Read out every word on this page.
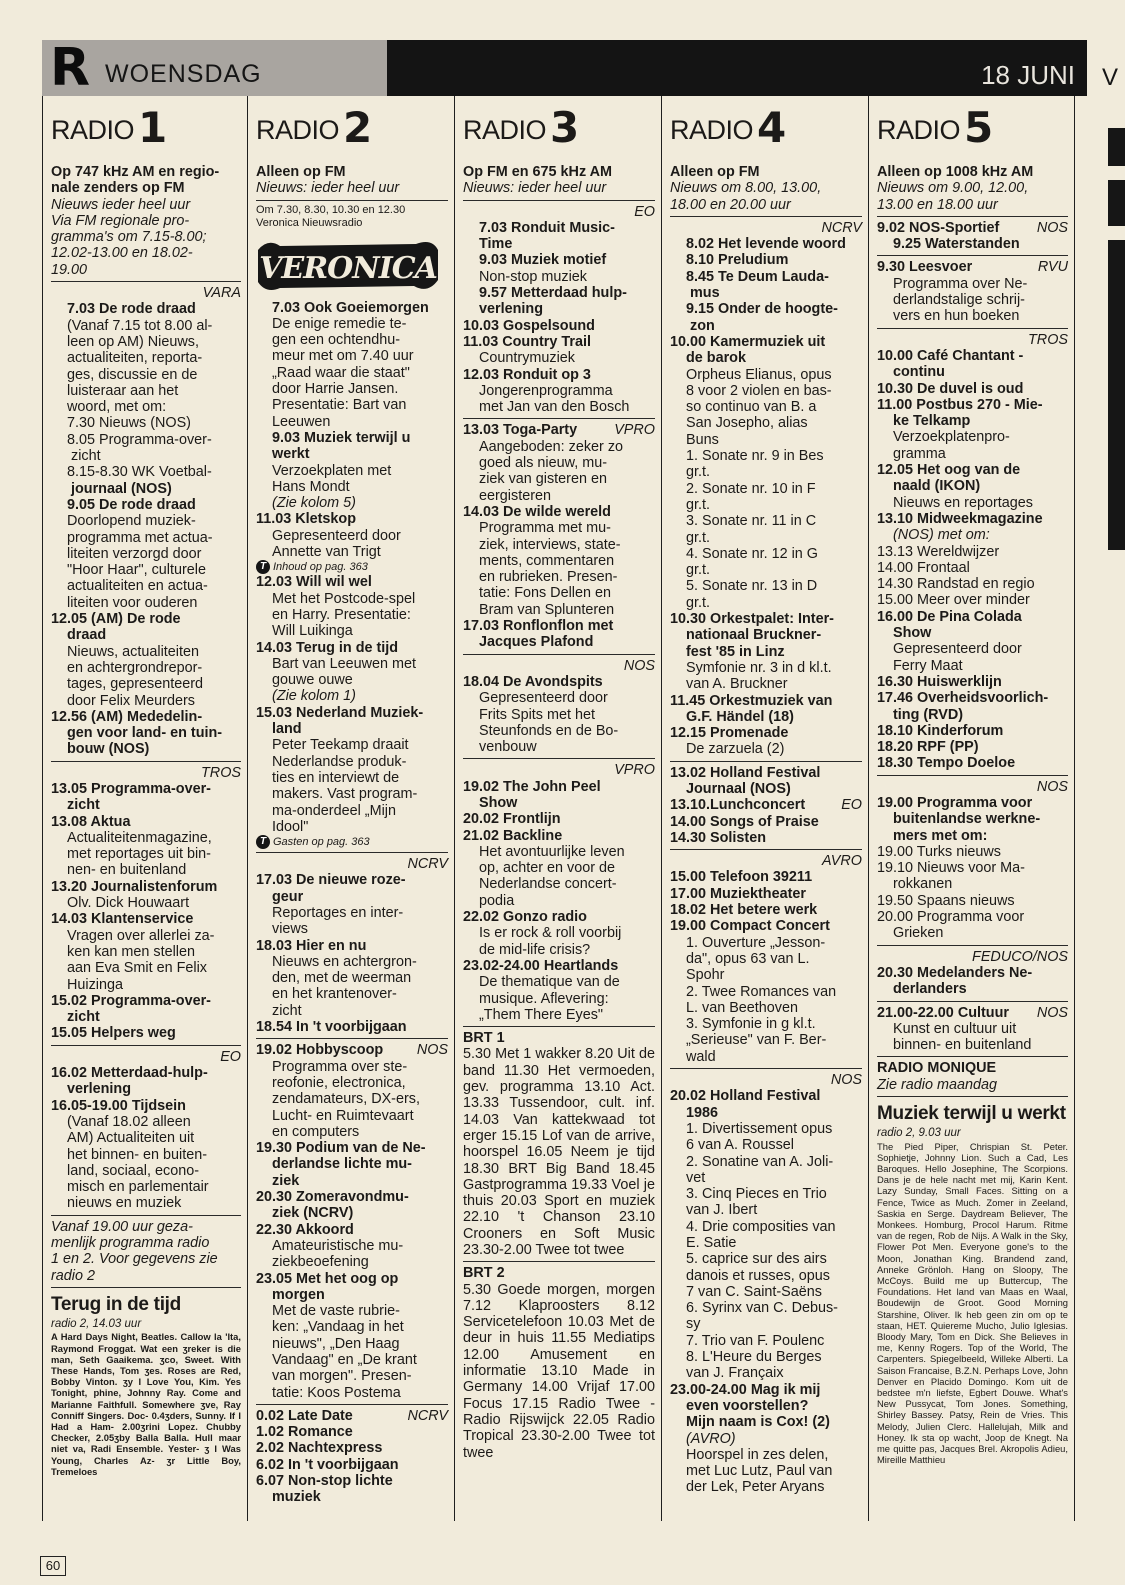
R WOENSDAG	18 JUNI
RADIO1

Op 747 kHz AM en regio-

nale zenders op FM

Nieuws ieder heel uur

Via FM regionale pro-

gramma's om 7.15-8.00;

12.02-13.00 en 18.02-

19.00

VARA

7.03 De rode draad

(Vanaf 7.15 tot 8.00 al-

leen op AM) Nieuws,

actualiteiten, reporta-

ges, discussie en de

luisteraar aan het

woord, met om:

7.30 Nieuws (NOS)

8.05 Programma-over-

zicht

8.15-8.30 WK Voetbal-

journaal (NOS)

9.05 De rode draad

Doorlopend muziek-

programma met actua-

liteiten verzorgd door

"Hoor Haar", culturele

actualiteiten en actua-

liteiten voor ouderen

12.05 (AM) De rode

draad

Nieuws, actualiteiten

en achtergrondrepor-

tages, gepresenteerd

door Felix Meurders

12.56 (AM) Mededelin-

gen voor land- en tuin-

bouw (NOS)

TROS

13.05 Programma-over-

zicht

13.08 Aktua

Actualiteitenmagazine,

met reportages uit bin-

nen- en buitenland

13.20 Journalistenforum

Olv. Dick Houwaart

14.03 Klantenservice

Vragen over allerlei za-

ken kan men stellen

aan Eva Smit en Felix

Huizinga

15.02 Programma-over-

zicht

15.05 Helpers weg

EO

16.02 Metterdaad-hulp-

verlening

16.05-19.00 Tijdsein

(Vanaf 18.02 alleen

AM) Actualiteiten uit

het binnen- en buiten-

land, sociaal, econo-

misch en parlementair

nieuws en muziek

Vanaf 19.00 uur geza-

menlijk programma radio

1 en 2. Voor gegevens zie

radio 2

Terug in de tijd
radio 2, 14.03 uur
A Hard Days Night, Beatles. Callow la 'Ita, Raymond Froggat. Wat een ʒreker is die man, Seth Gaaikema. ʒco, Sweet. With These Hands, Tom ʒes. Roses are Red, Bobby Vinton. ʒy I Love You, Kim. Yes Tonight, phine, Johnny Ray. Come and Marianne Faithfull. Somewhere ʒve, Ray Conniff Singers. Doc- 0.4ʒders, Sunny. If I Had a Ham- 2.00ʒrini Lopez. Chubby Checker, 2.05ʒby Balla Balla. Hull maar niet va, Radi Ensemble. Yester- ʒ I Was Young, Charles Az- ʒr Little Boy, Tremeloes
RADIO2

Alleen op FM

Nieuws: ieder heel uur

Om 7.30, 8.30, 10.30 en 12.30

Veronica Nieuwsradio

VERONICA

7.03 Ook Goeiemorgen

De enige remedie te-

gen een ochtendhu-

meur met om 7.40 uur

„Raad waar die staat"

door Harrie Jansen.

Presentatie: Bart van

Leeuwen

9.03 Muziek terwijl u

werkt

Verzoekplaten met

Hans Mondt

(Zie kolom 5)

11.03 Kletskop

Gepresenteerd door

Annette van Trigt

T Inhoud op pag. 363

12.03 Will wil wel

Met het Postcode-spel

en Harry. Presentatie:

Will Luikinga

14.03 Terug in de tijd

Bart van Leeuwen met

gouwe ouwe

(Zie kolom 1)

15.03 Nederland Muziek-

land

Peter Teekamp draait

Nederlandse produk-

ties en interviewt de

makers. Vast program-

ma-onderdeel „Mijn

Idool"

T Gasten op pag. 363

NCRV

17.03 De nieuwe roze-

geur

Reportages en inter-

views

18.03 Hier en nu

Nieuws en achtergron-

den, met de weerman

en het krantenover-

zicht

18.54 In 't voorbijgaan

19.02 Hobbyscoop NOS

Programma over ste-

reofonie, electronica,

zendamateurs, DX-ers,

Lucht- en Ruimtevaart

en computers

19.30 Podium van de Ne-

derlandse lichte mu-

ziek

20.30 Zomeravondmu-

ziek (NCRV)

22.30 Akkoord

Amateuristische mu-

ziekbeoefening

23.05 Met het oog op

morgen

Met de vaste rubrie-

ken: „Vandaag in het

nieuws", „Den Haag

Vandaag" en „De krant

van morgen". Presen-

tatie: Koos Postema

0.02 Late Date	NCRV

1.02 Romance

2.02 Nachtexpress

6.02 In 't voorbijgaan

6.07 Non-stop lichte

muziek

RADIO3

Op FM en 675 kHz AM

Nieuws: ieder heel uur

EO

7.03 Ronduit Music-

Time

9.03 Muziek motief

Non-stop muziek

9.57 Metterdaad hulp-

verlening

10.03 Gospelsound

11.03 Country Trail

Countrymuziek

12.03 Ronduit op 3

Jongerenprogramma

met Jan van den Bosch

13.03 Toga-Party	VPRO

Aangeboden: zeker zo

goed als nieuw, mu-

ziek van gisteren en

eergisteren

14.03 De wilde wereld

Programma met mu-

ziek, interviews, state-

ments, commentaren

en rubrieken. Presen-

tatie: Fons Dellen en

Bram van Splunteren

17.03 Ronflonflon met

Jacques Plafond

NOS

18.04 De Avondspits

Gepresenteerd door

Frits Spits met het

Steunfonds en de Bo-

venbouw

VPRO

19.02 The John Peel

Show

20.02 Frontlijn

21.02 Backline

Het avontuurlijke leven

op, achter en voor de

Nederlandse concert-

podia

22.02 Gonzo radio

Is er rock & roll voorbij

de mid-life crisis?

23.02-24.00 Heartlands

De thematique van de

musique. Aflevering:

„Them There Eyes"

BRT 1
5.30 Met 1 wakker 8.20 Uit de band 11.30 Het vermoeden, gev. programma 13.10 Act. 13.33 Tussendoor, cult. inf. 14.03 Van kattekwaad tot erger 15.15 Lof van de arrive, hoorspel 16.05 Neem je tijd 18.30 BRT Big Band 18.45 Gastprogramma 19.33 Voel je thuis 20.03 Sport en muziek 22.10 't Chanson 23.10 Crooners en Soft Music 23.30-2.00 Twee tot twee
BRT 2
5.30 Goede morgen, morgen 7.12 Klaproosters 8.12 Servicetelefoon 10.03 Met de deur in huis 11.55 Mediatips 12.00 Amusement en informatie 13.10 Made in Germany 14.00 Vrijaf 17.00 Focus 17.15 Radio Twee - Radio Rijswijck 22.05 Radio Tropical 23.30-2.00 Twee tot twee
RADIO4

Alleen op FM

Nieuws om 8.00, 13.00,

18.00 en 20.00 uur

NCRV

8.02 Het levende woord

8.10 Preludium

8.45 Te Deum Lauda-

mus

9.15 Onder de hoogte-

zon

10.00 Kamermuziek uit

de barok

Orpheus Elianus, opus

8 voor 2 violen en bas-

so continuo van B. a

San Josepho, alias

Buns

1. Sonate nr. 9 in Bes

gr.t.

2. Sonate nr. 10 in F

gr.t.

3. Sonate nr. 11 in C

gr.t.

4. Sonate nr. 12 in G

gr.t.

5. Sonate nr. 13 in D

gr.t.

10.30 Orkestpalet: Inter-

nationaal Bruckner-

fest '85 in Linz

Symfonie nr. 3 in d kl.t.

van A. Bruckner

11.45 Orkestmuziek van

G.F. Händel (18)

12.15 Promenade

De zarzuela (2)

13.02 Holland Festival

Journaal (NOS)

13.10.Lunchconcert	EO

14.00 Songs of Praise

14.30 Solisten

AVRO

15.00 Telefoon 39211

17.00 Muziektheater

18.02 Het betere werk

19.00 Compact Concert

1. Ouverture „Jesson-

da", opus 63 van L.

Spohr

2. Twee Romances van

L. van Beethoven

3. Symfonie in g kl.t.

„Serieuse" van F. Ber-

wald

NOS

20.02 Holland Festival

1986

1. Divertissement opus

6 van A. Roussel

2. Sonatine van A. Joli-

vet

3. Cinq Pieces en Trio

van J. Ibert

4. Drie composities van

E. Satie

5. caprice sur des airs

danois et russes, opus

7 van C. Saint-Saëns

6. Syrinx van C. Debus-

sy

7. Trio van F. Poulenc

8. L'Heure du Berges

van J. Françaix

23.00-24.00 Mag ik mij

even voorstellen?

Mijn naam is Cox! (2)

(AVRO)

Hoorspel in zes delen,

met Luc Lutz, Paul van

der Lek, Peter Aryans

RADIO5

Alleen op 1008 kHz AM

Nieuws om 9.00, 12.00,

13.00 en 18.00 uur

9.02 NOS-Sportief	NOS

9.25 Waterstanden

9.30 Leesvoer	RVU

Programma over Ne-

derlandstalige schrij-

vers en hun boeken

TROS

10.00 Café Chantant -

continu

10.30 De duvel is oud

11.00 Postbus 270 - Mie-

ke Telkamp

Verzoekplatenpro-

gramma

12.05 Het oog van de

naald (IKON)

Nieuws en reportages

13.10 Midweekmagazine

(NOS) met om:

13.13 Wereldwijzer

14.00 Frontaal

14.30 Randstad en regio

15.00 Meer over minder

16.00 De Pina Colada

Show

Gepresenteerd door

Ferry Maat

16.30 Huiswerklijn

17.46 Overheidsvoorlich-

ting (RVD)

18.10 Kinderforum

18.20 RPF (PP)

18.30 Tempo Doeloe

NOS

19.00 Programma voor

buitenlandse werkne-

mers met om:

19.00 Turks nieuws

19.10 Nieuws voor Ma-

rokkanen

19.50 Spaans nieuws

20.00 Programma voor

Grieken

FEDUCO/NOS

20.30 Medelanders Ne-

derlanders

21.00-22.00 Cultuur NOS

Kunst en cultuur uit

binnen- en buitenland

RADIO MONIQUE

Zie radio maandag

Muziek terwijl u werkt
radio 2, 9.03 uur
The Pied Piper, Chrispian St. Peter. Sophietje, Johnny Lion. Such a Cad, Les Baroques. Hello Josephine, The Scorpions. Dans je de hele nacht met mij, Karin Kent. Lazy Sunday, Small Faces. Sitting on a Fence, Twice as Much. Zomer in Zeeland, Saskia en Serge. Daydream Believer, The Monkees. Homburg, Procol Harum. Ritme van de regen, Rob de Nijs. A Walk in the Sky, Flower Pot Men. Everyone gone's to the Moon, Jonathan King. Brandend zand, Anneke Grönloh. Hang on Sloopy, The McCoys. Build me up Buttercup, The Foundations. Het land van Maas en Waal, Boudewijn de Groot. Good Morning Starshine, Oliver. Ik heb geen zin om op te staan, HET. Quiereme Mucho, Julio Iglesias. Bloody Mary, Tom en Dick. She Believes in me, Kenny Rogers. Top of the World, The Carpenters. Spiegelbeeld, Willeke Alberti. La Saison Francaise, B.Z.N. Perhaps Love, John Denver en Placido Domingo. Kom uit de bedstee m'n liefste, Egbert Douwe. What's New Pussycat, Tom Jones. Something, Shirley Bassey. Patsy, Rein de Vries. This Melody, Julien Clerc. Hallelujah, Milk and Honey. Ik sta op wacht, Joop de Knegt. Na me quitte pas, Jacques Brel. Akropolis Adieu, Mireille Matthieu
60
V
